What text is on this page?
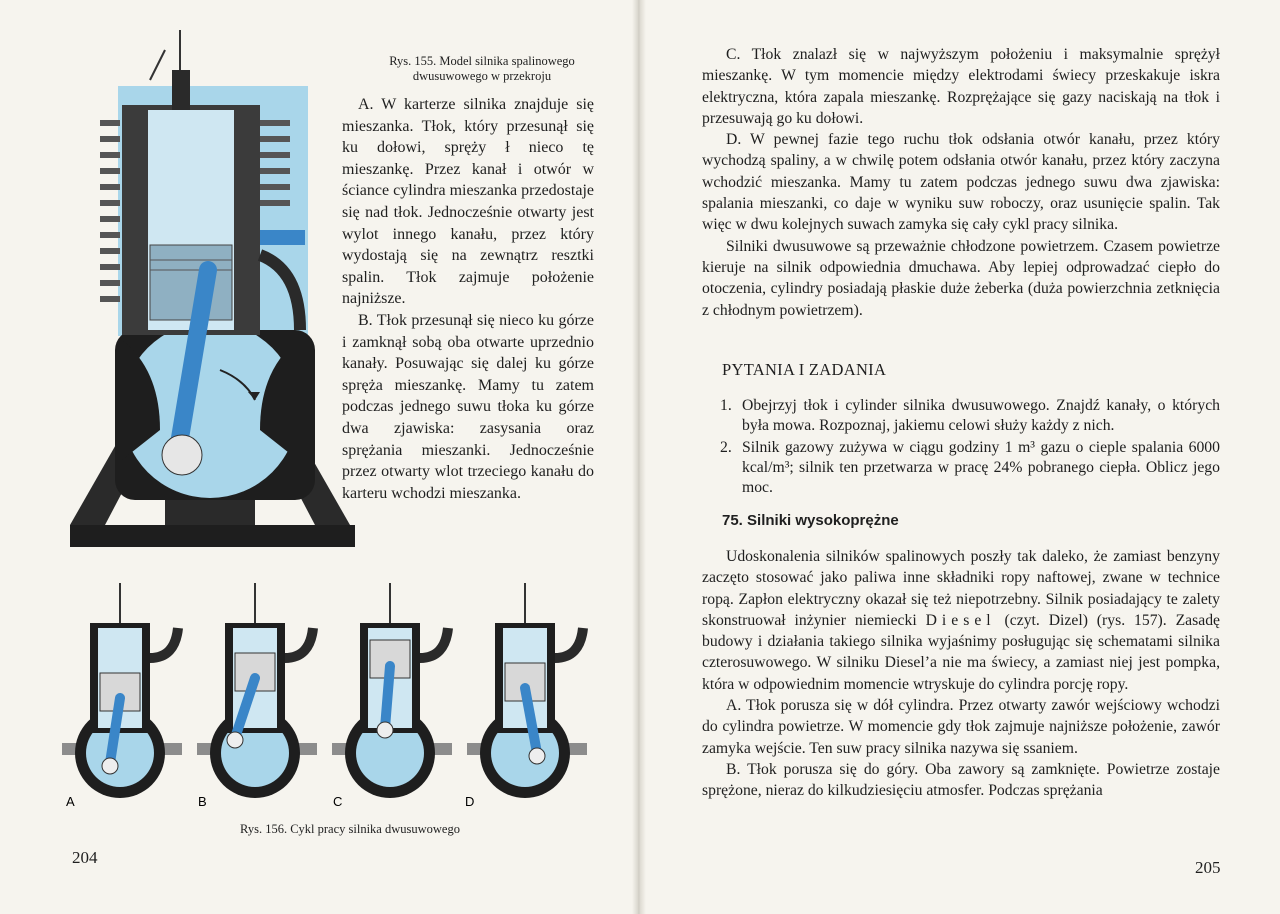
Rys. 155. Model silnika spalinowego
dwusuwowego w przekroju

A. W karterze silnika znajduje się mieszanka. Tłok, który przesunął się ku dołowi, spręży ł nieco tę mieszankę. Przez kanał i otwór w ściance cylindra mieszanka przedostaje się nad tłok. Jednocześnie otwarty jest wylot innego kanału, przez który wydostają się na zewnątrz resztki spalin. Tłok zajmuje położenie najniższe.

B. Tłok przesunął się nieco ku górze i zamknął sobą oba otwarte uprzednio kanały. Posuwając się dalej ku górze spręża mieszankę. Mamy tu zatem podczas jednego suwu tłoka ku górze dwa zjawiska: zasysania oraz sprężania mieszanki. Jednocześnie przez otwarty wlot trzeciego kanału do karteru wchodzi mieszanka.

A	B	C	D
Rys. 156. Cykl pracy silnika dwusuwowego
204

C. Tłok znalazł się w najwyższym położeniu i maksymalnie sprężył mieszankę. W tym momencie między elektrodami świecy przeskakuje iskra elektryczna, która zapala mieszankę. Rozprężające się gazy naciskają na tłok i przesuwają go ku dołowi.

D. W pewnej fazie tego ruchu tłok odsłania otwór kanału, przez który wychodzą spaliny, a w chwilę potem odsłania otwór kanału, przez który zaczyna wchodzić mieszanka. Mamy tu zatem podczas jednego suwu dwa zjawiska: spalania mieszanki, co daje w wyniku suw roboczy, oraz usunięcie spalin. Tak więc w dwu kolejnych suwach zamyka się cały cykl pracy silnika.

Silniki dwusuwowe są przeważnie chłodzone powietrzem. Czasem powietrze kieruje na silnik odpowiednia dmuchawa. Aby lepiej odprowadzać ciepło do otoczenia, cylindry posiadają płaskie duże żeberka (duża powierzchnia zetknięcia z chłodnym powietrzem).

PYTANIA I ZADANIA
1. Obejrzyj tłok i cylinder silnika dwusuwowego. Znajdź kanały, o których była mowa. Rozpoznaj, jakiemu celowi służy każdy z nich.
2. Silnik gazowy zużywa w ciągu godziny 1 m³ gazu o cieple spalania 6000 kcal/m³; silnik ten przetwarza w pracę 24% pobranego ciepła. Oblicz jego moc.
75. Silniki wysokoprężne

Udoskonalenia silników spalinowych poszły tak daleko, że zamiast benzyny zaczęto stosować jako paliwa inne składniki ropy naftowej, zwane w technice ropą. Zapłon elektryczny okazał się też niepotrzebny. Silnik posiadający te zalety skonstruował inżynier niemiecki Diesel (czyt. Dizel) (rys. 157). Zasadę budowy i działania takiego silnika wyjaśnimy posługując się schematami silnika czterosuwowego. W silniku Diesel’a nie ma świecy, a zamiast niej jest pompka, która w odpowiednim momencie wtryskuje do cylindra porcję ropy.

A. Tłok porusza się w dół cylindra. Przez otwarty zawór wejściowy wchodzi do cylindra powietrze. W momencie gdy tłok zajmuje najniższe położenie, zawór zamyka wejście. Ten suw pracy silnika nazywa się ssaniem.

B. Tłok porusza się do góry. Oba zawory są zamknięte. Powietrze zostaje sprężone, nieraz do kilkudziesięciu atmosfer. Podczas sprężania

205
